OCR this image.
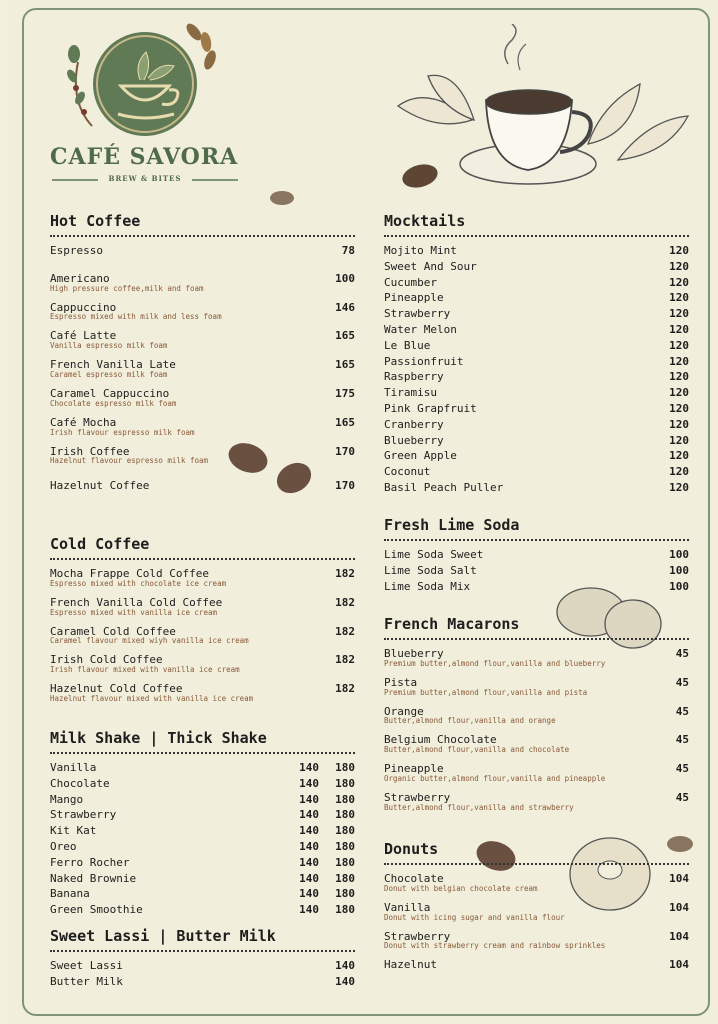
CAFÉ SAVORA
BREW & BITES
Hot Coffee
Espresso	78
Americano	100
High pressure coffee,milk and foam
Cappuccino	146
Espresso mixed with milk and less foam
Café Latte	165
Vanilla espresso milk foam
French Vanilla Late	165
Caramel espresso milk foam
Caramel Cappuccino	175
Chocolate espresso milk foam
Café Mocha	165
Irish flavour espresso milk foam
Irish Coffee	170
Hazelnut flavour espresso milk foam
Hazelnut Coffee	170
Cold Coffee
Mocha Frappe Cold Coffee	182
Espresso mixed with chocolate ice cream
French Vanilla Cold Coffee	182
Espresso mixed with vanilla ice cream
Caramel Cold Coffee	182
Caramel flavour mixed wiyh vanilla ice cream
Irish Cold Coffee	182
Irish flavour mixed with vanilla ice cream
Hazelnut Cold Coffee	182
Hazelnut flavour mixed with vanilla ice cream
Milk Shake | Thick Shake
Vanilla	140 180
Chocolate	140 180
Mango	140 180
Strawberry	140 180
Kit Kat	140 180
Oreo	140 180
Ferro Rocher	140 180
Naked Brownie	140 180
Banana	140 180
Green Smoothie	140 180
Sweet Lassi | Butter Milk
Sweet Lassi	140
Butter Milk	140
Mocktails
Mojito Mint	120
Sweet And Sour	120
Cucumber	120
Pineapple	120
Strawberry	120
Water Melon	120
Le Blue	120
Passionfruit	120
Raspberry	120
Tiramisu	120
Pink Grapfruit	120
Cranberry	120
Blueberry	120
Green Apple	120
Coconut	120
Basil Peach Puller	120
Fresh Lime Soda
Lime Soda Sweet	100
Lime Soda Salt	100
Lime Soda Mix	100
French Macarons
Blueberry	45
Premium butter,almond flour,vanilla and blueberry
Pista	45
Premium butter,almond flour,vanilla and pista
Orange	45
Butter,almond flour,vanilla and orange
Belgium Chocolate	45
Butter,almond flour,vanilla and chocolate
Pineapple	45
Organic butter,almond flour,vanilla and pineapple
Strawberry	45
Butter,almond flour,vanilla and strawberry
Donuts
Chocolate	104
Donut with belgian chocolate cream
Vanilla	104
Donut with icing sugar and vanilla flour
Strawberry	104
Donut with strawberry cream and rainbow sprinkles
Hazelnut	104
